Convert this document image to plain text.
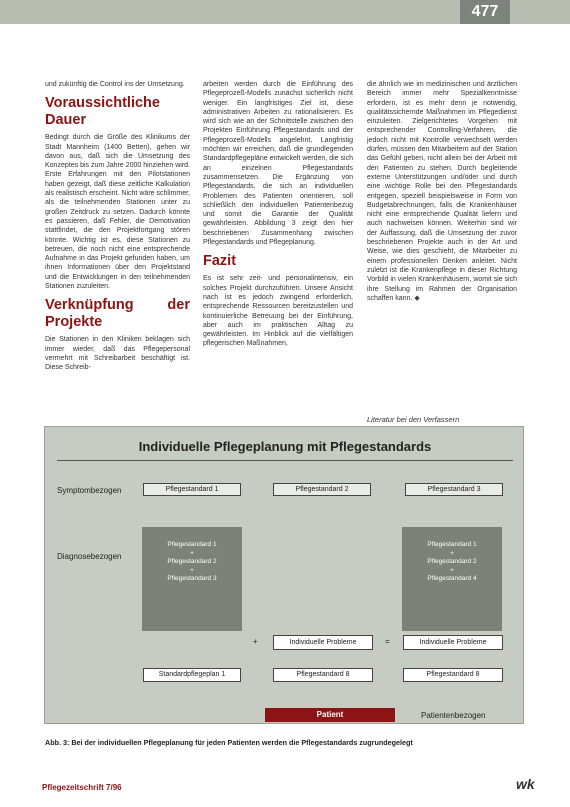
477

und zukünftig die Control ins der Umsetzung.

Voraussichtliche Dauer

Bedingt durch die Größe des Klinikums der Stadt Mannheim (1400 Betten), gehen wir davon aus, daß sich die Umsetzung des Konzeptes bis zum Jahre 2000 hinziehen wird. Erste Erfahrungen mit den Pilotstationen haben gezeigt, daß diese zeitliche Kalkulation als realistisch erscheint. Nicht wäre schlimmer, als die teilnehmenden Stationen unter zu großen Zeitdruck zu setzen. Dadurch könnte es passieren, daß Fehler, die Demotivation stattfindet, die den Projektfortgang stören könnte. Wichtig ist es, diese Stationen zu betreuen, die noch nicht eine entsprechende Aufnahme in das Projekt gefunden haben, um ihnen Informationen über den Projektstand und die Entwicklungen in den teilnehmenden Stationen zuzuleiten.

Verknüpfung der Projekte

Die Stationen in den Kliniken beklagen sich immer wieder, daß das Pflegepersonal vermehrt mit Schreibarbeit beschäftigt ist. Diese Schreib-

arbeiten werden durch die Einführung des Pflegeprozeß-Modells zunächst sicherlich nicht weniger. Ein langfristiges Ziel ist, diese administrativen Arbeiten zu rationalisieren. Es wird sich wie an der Schnittstelle zwischen den Projekten Einführung Pflegestandards und der Pflegeprozeß-Modells angelehnt, Langfristig möchten wir erreichen, daß die grundlegenden Standardpflegepläne entwickelt werden, die sich an einzelnen Pflegestandards zusammensetzen. Die Ergänzung von Pflegestandards, die sich an individuellen Problemen des Patienten orientieren, soll schließlich den individuellen Patientenbezug und somit die Garantie der Qualität gewährleisten. Abbildung 3 zeigt den hier beschriebenen Zusammenhang zwischen Pflegestandards und Pflegeplanung.

Fazit

Es ist sehr zeit- und personalintensiv, ein solches Projekt durchzuführen. Unsere Ansicht nach ist es jedoch zwingend erforderlich, entsprechende Ressourcen bereitzustellen und kontinuierliche Betreuung bei der Einführung, aber auch im praktischen Alltag zu gewährleisten. Im Hinblick auf die vielfältigen pflegerischen Maßnahmen,

die ähnlich wie im medizinischen und ärztlichen Bereich immer mehr Spezialkenntnisse erfordern, ist es mehr denn je notwendig, qualitätssichernde Maßnahmen im Pflegedienst einzuleiten. Zielgerichtetes Vorgehen mit entsprechender Controlling-Verfahren, die jedoch nicht mit Kontrolle verwechselt werden dürfen, müssen den Mitarbeitern auf der Station das Gefühl geben, nicht allein bei der Arbeit mit den Patienten zu stehen. Durch begleitende externe Unterstützungen und/oder und durch eine wichtige Rolle bei den Pflegestandards entgegen, speziell beispielsweise in Form von Budgetabrechnungen, falls die Krankenhäuser nicht eine entsprechende Qualität liefern und auch nachweisen können. Weiterhin sind wir der Auffassung, daß die Umsetzung der zuvor beschriebenen Projekte auch in der Art und Weise, wie dies geschieht, die Mitarbeiter zu einem professionellen Denken anleitet. Nicht zuletzt ist die Krankenpflege in dieser Richtung Vorbild in vielen Krankenhäusern, womit sie sich ihre Stellung im Rahmen der Organisation schaffen kann. ◆

Literatur bei den Verfassern
Individuelle Pflegeplanung mit Pflegestandards
Symptombezogen	Pflegestandard 1	Pflegestandard 2	Pflegestandard 3
Diagnosebezogen
Pflegestandard 1
+
Pflegestandard 2
+
Pflegestandard 3
Pflegestandard 1
+
Pflegestandard 2
+
Pflegestandard 4
+	Individuelle Probleme	=	Individuelle Probleme
Standardpflegeplan 1	Pflegestandard 8	Pflegestandard 8
Patient	Patientenbezogen
Abb. 3: Bei der individuellen Pflegeplanung für jeden Patienten werden die Pflegestandards zugrundegelegt
Pflegezeitschrift 7/96	wk
